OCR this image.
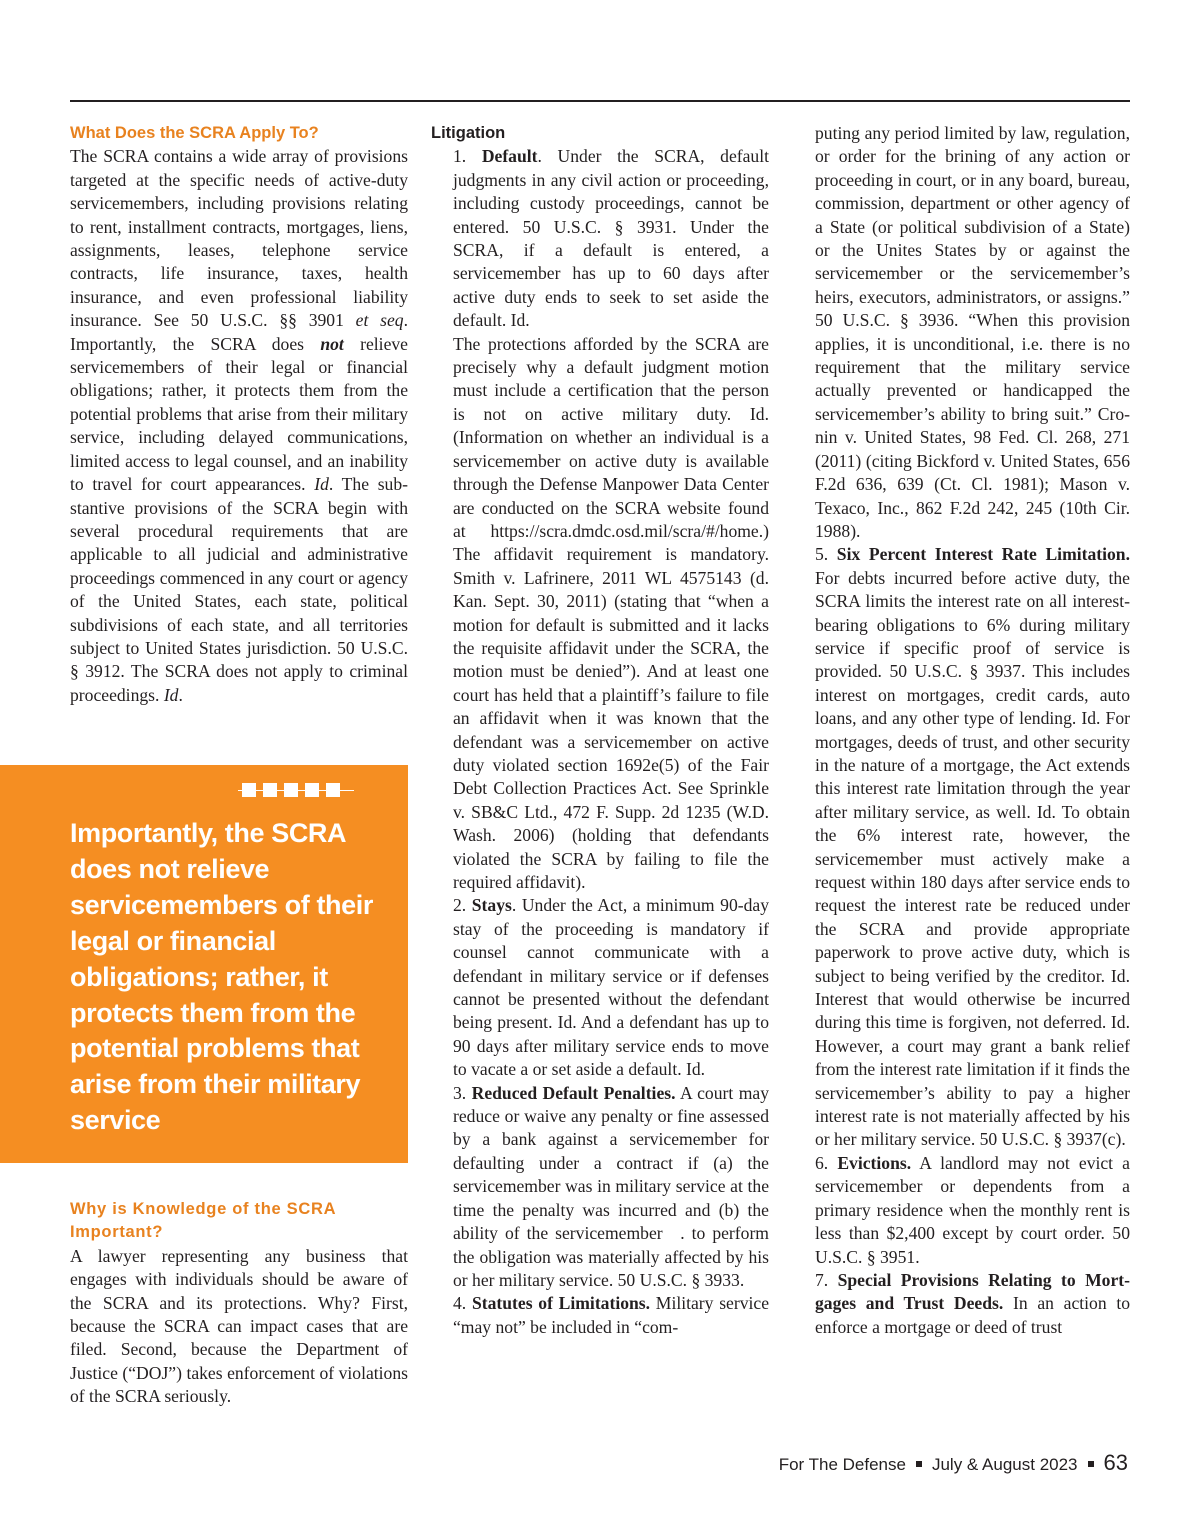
What Does the SCRA Apply To?

The SCRA contains a wide array of provisions targeted at the specific needs of active-duty servicemembers, including provisions relating to rent, installment contracts, mortgages, liens, assignments, leases, telephone service contracts, life insurance, taxes, health insurance, and even professional liability insurance. See 50 U.S.C. §§ 3901 et seq. Importantly, the SCRA does not relieve servicemembers of their legal or financial obligations; rather, it protects them from the potential problems that arise from their military service, including delayed communications, limited access to legal counsel, and an inability to travel for court appearances. Id. The substantive provisions of the SCRA begin with several procedural requirements that are applicable to all judicial and administrative proceedings commenced in any court or agency of the United States, each state, political subdivisions of each state, and all territories subject to United States jurisdiction. 50 U.S.C. § 3912. The SCRA does not apply to criminal proceedings. Id.

Importantly, the SCRA does not relieve servicemembers of their legal or financial obligations; rather, it protects them from the potential problems that arise from their military service

Why is Knowledge of the SCRA Important?

A lawyer representing any business that engages with individuals should be aware of the SCRA and its protections. Why? First, because the SCRA can impact cases that are filed. Second, because the Department of Justice (“DOJ”) takes enforcement of violations of the SCRA seriously.

Litigation

1. Default. Under the SCRA, default judgments in any civil action or proceeding, including custody proceedings, cannot be entered. 50 U.S.C. § 3931. Under the SCRA, if a default is entered, a servicemember has up to 60 days after active duty ends to seek to set aside the default. Id.

The protections afforded by the SCRA are precisely why a default judgment motion must include a certification that the person is not on active military duty. Id. (Information on whether an individual is a servicemember on active duty is available through the Defense Manpower Data Center are conducted on the SCRA website found at https://scra.​dmdc.osd.mil/scra/#/home.) The affidavit requirement is mandatory. Smith v. Lafrinere, 2011 WL 4575143 (d. Kan. Sept. 30, 2011) (stating that “when a motion for default is submitted and it lacks the requisite affidavit under the SCRA, the motion must be denied”). And at least one court has held that a plaintiff’s failure to file an affidavit when it was known that the defendant was a servicemember on active duty violated section 1692e(5) of the Fair Debt Collection Practices Act. See Sprinkle v. SB&C Ltd., 472 F. Supp. 2d 1235 (W.D. Wash. 2006) (holding that defendants violated the SCRA by failing to file the required affidavit).

2. Stays. Under the Act, a minimum 90-day stay of the proceeding is mandatory if counsel cannot communicate with a defendant in military service or if defenses cannot be presented without the defendant being present. Id. And a defendant has up to 90 days after military service ends to move to vacate a or set aside a default. Id.

3. Reduced Default Penalties. A court may reduce or waive any penalty or fine assessed by a bank against a servicemember for defaulting under a contract if (a) the servicemember was in military service at the time the penalty was incurred and (b) the ability of the servicemember . to perform the obligation was materially affected by his or her military service. 50 U.S.C. § 3933.

4. Statutes of Limitations. Military service “may not” be included in “com-

puting any period limited by law, regulation, or order for the brining of any action or proceeding in court, or in any board, bureau, commission, department or other agency of a State (or political subdivision of a State) or the Unites States by or against the servicemember or the servicemember’s heirs, executors, administrators, or assigns.” 50 U.S.C. § 3936. “When this provision applies, it is unconditional, i.e. there is no requirement that the military service actually prevented or handicapped the servicemember’s ability to bring suit.” Cronin v. United States, 98 Fed. Cl. 268, 271 (2011) (citing Bickford v. United States, 656 F.2d 636, 639 (Ct. Cl. 1981); Mason v. Texaco, Inc., 862 F.2d 242, 245 (10th Cir. 1988).

5. Six Percent Interest Rate Limitation. For debts incurred before active duty, the SCRA limits the interest rate on all interest-bearing obligations to 6% during military service if specific proof of service is provided. 50 U.S.C. § 3937. This includes interest on mortgages, credit cards, auto loans, and any other type of lending. Id. For mortgages, deeds of trust, and other security in the nature of a mortgage, the Act extends this interest rate limitation through the year after military service, as well. Id. To obtain the 6% interest rate, however, the servicemember must actively make a request within 180 days after service ends to request the interest rate be reduced under the SCRA and provide appropriate paperwork to prove active duty, which is subject to being verified by the creditor. Id. Interest that would otherwise be incurred during this time is forgiven, not deferred. Id. However, a court may grant a bank relief from the interest rate limitation if it finds the servicemember’s ability to pay a higher interest rate is not materially affected by his or her military service. 50 U.S.C. § 3937(c).

6. Evictions. A landlord may not evict a servicemember or dependents from a primary residence when the monthly rent is less than $2,400 except by court order. 50 U.S.C. § 3951.

7. Special Provisions Relating to Mortgages and Trust Deeds. In an action to enforce a mortgage or deed of trust

For The Defense July & August 2023 63
